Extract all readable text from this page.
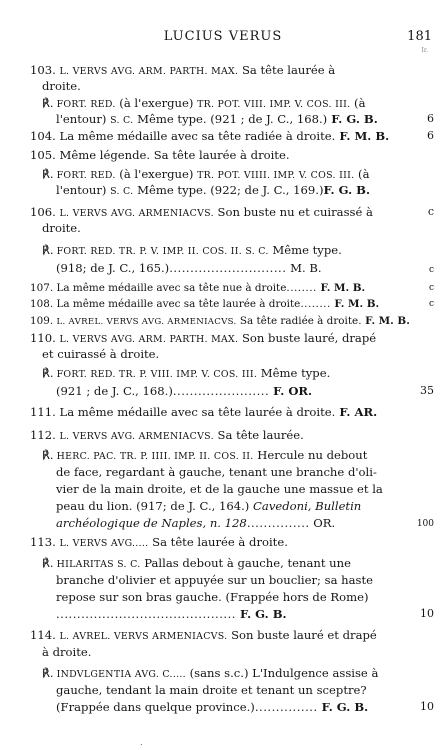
LUCIUS VERUS	181
Ir.
103. L. VERVS AVG. ARM. PARTH. MAX. Sa tête laurée à
droite.
℟. FORT. RED. (à l'exergue) TR. POT. VIII. IMP. V. COS. III. (à
l'entour) S. C. Même type. (921 ; de J. C., 168.) F. G. B.
104. La même médaille avec sa tête radiée à droite. F. M. B.
105. Même légende. Sa tête laurée à droite.
℟. FORT. RED. (à l'exergue) TR. POT. VIIII. IMP. V. COS. III. (à
l'entour) S. C. Même type. (922; de J. C., 169.)F. G. B.
106. L. VERVS AVG. ARMENIACVS. Son buste nu et cuirassé à
droite.
℟. FORT. RED. TR. P. V. IMP. II. COS. II. S. C. Même type.
(918; de J. C., 165.)............................ M. B.
107. La même médaille avec sa tête nue à droite........ F. M. B.
108. La même médaille avec sa tête laurée à droite........ F. M. B.
109. L. AVREL. VERVS AVG. ARMENIACVS. Sa tête radiée à droite. F. M. B.
110. L. VERVS AVG. ARM. PARTH. MAX. Son buste lauré, drapé
et cuirassé à droite.
℟. FORT. RED. TR. P. VIII. IMP. V. COS. III. Même type.
(921 ; de J. C., 168.)....................... F. OR.
111. La même médaille avec sa tête laurée à droite. F. AR.
112. L. VERVS AVG. ARMENIACVS. Sa tête laurée.
℟. HERC. PAC. TR. P. IIII. IMP. II. COS. II. Hercule nu debout
de face, regardant à gauche, tenant une branche d'oli-
vier de la main droite, et de la gauche une massue et la
peau du lion. (917; de J. C., 164.) Cavedoni, Bulletin
archéologique de Naples, n. 128............... OR.
113. L. VERVS AVG..... Sa tête laurée à droite.
℟. HILARITAS S. C. Pallas debout à gauche, tenant une
branche d'olivier et appuyée sur un bouclier; sa haste
repose sur son bras gauche. (Frappée hors de Rome)
........................................... F. G. B.
114. L. AVREL. VERVS ARMENIACVS. Son buste lauré et drapé
à droite.
℟. INDVLGENTIA AVG. C..... (sans s.c.) L'Indulgence assise à
gauche, tendant la main droite et tenant un sceptre?
(Frappée dans quelque province.)............... F. G. B.
6
6
c
c
c
c
35
100
10
10
.
